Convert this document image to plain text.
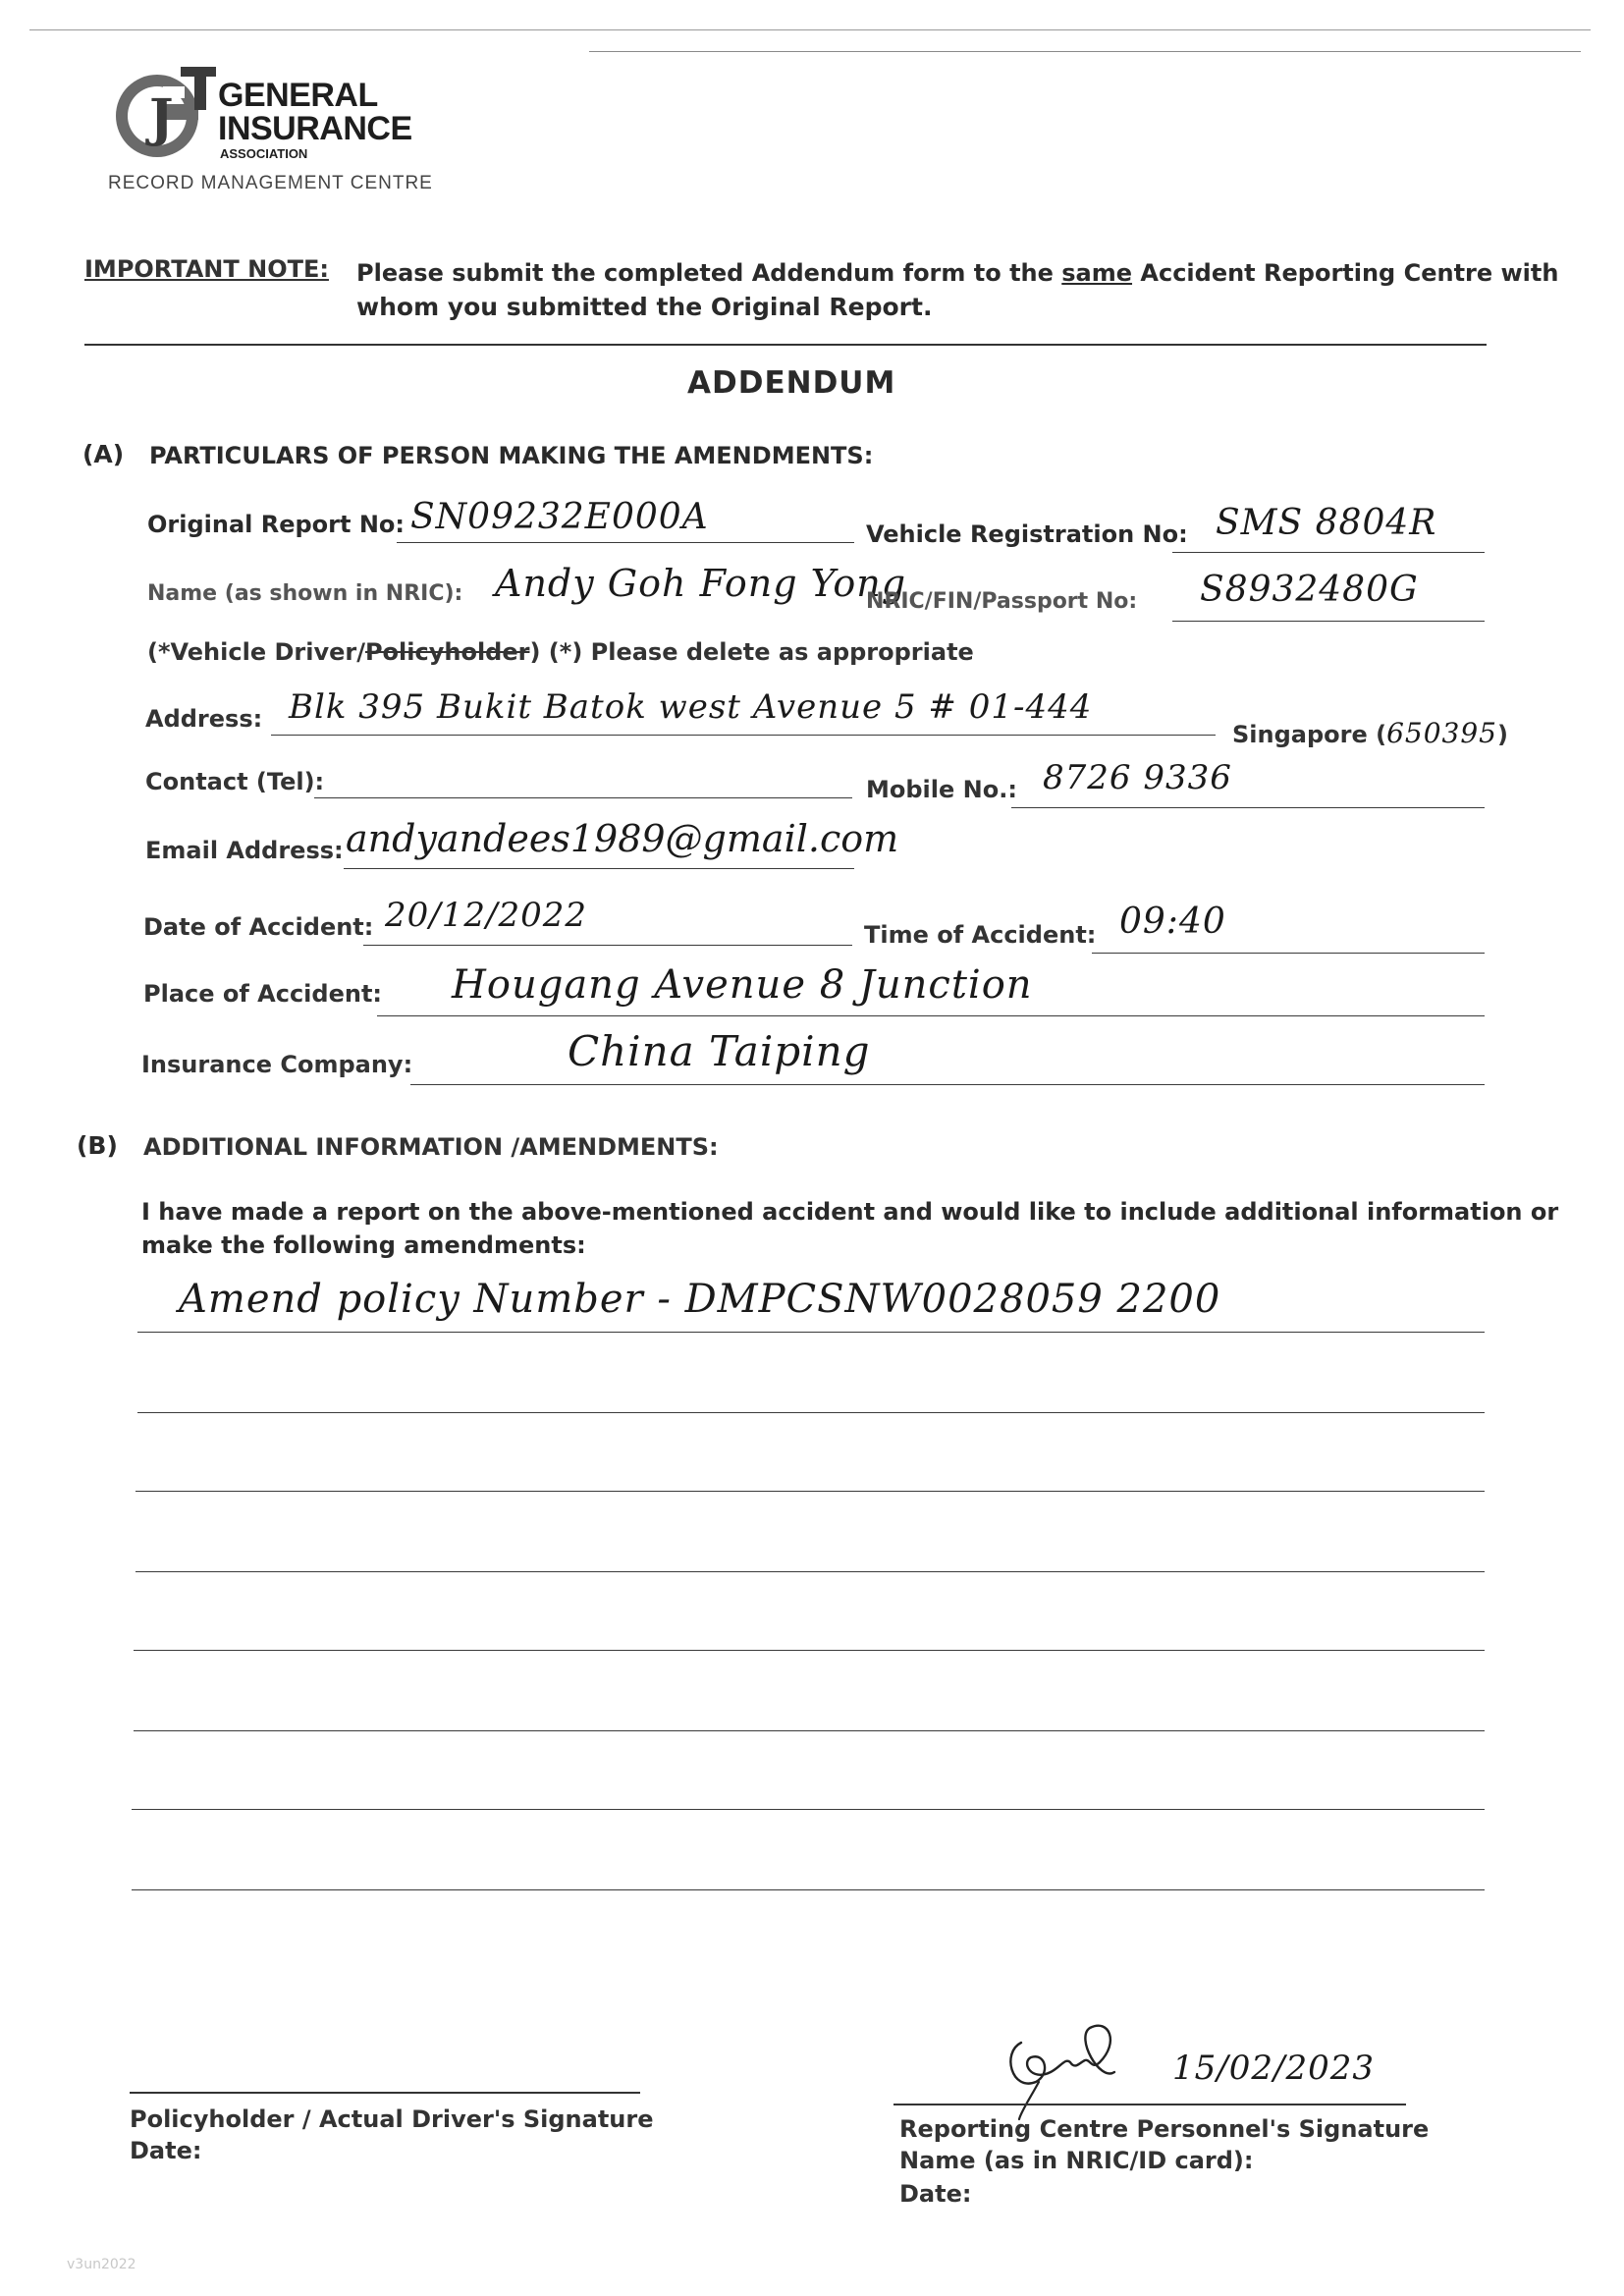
J GENERAL
INSURANCE
ASSOCIATION
RECORD MANAGEMENT CENTRE
IMPORTANT NOTE: Please submit the completed Addendum form to the same Accident Reporting Centre with
whom you submitted the Original Report.
ADDENDUM
(A) PARTICULARS OF PERSON MAKING THE AMENDMENTS:
Original Report No: SN09232E000A	Vehicle Registration No: SMS 8804R
Name (as shown in NRIC): Andy Goh Fong Yong
NRIC/FIN/Passport No: S8932480G
(*Vehicle Driver/Policyholder) (*) Please delete as appropriate
Address: Blk 395 Bukit Batok west Avenue 5 # 01-444
Singapore (650395)
Contact (Tel):	Mobile No.: 8726 9336
Email Address: andyandees1989@gmail.com
Date of Accident: 20/12/2022	Time of Accident: 09:40
Place of Accident: Hougang Avenue 8 Junction
Insurance Company:	China Taiping
(B) ADDITIONAL INFORMATION /AMENDMENTS:
I have made a report on the above-mentioned accident and would like to include additional information or
make the following amendments:
Amend policy Number - DMPCSNW0028059 2200
Policyholder / Actual Driver's Signature
Date:
15/02/2023
Reporting Centre Personnel's Signature
Name (as in NRIC/ID card):
Date:
v3un2022
